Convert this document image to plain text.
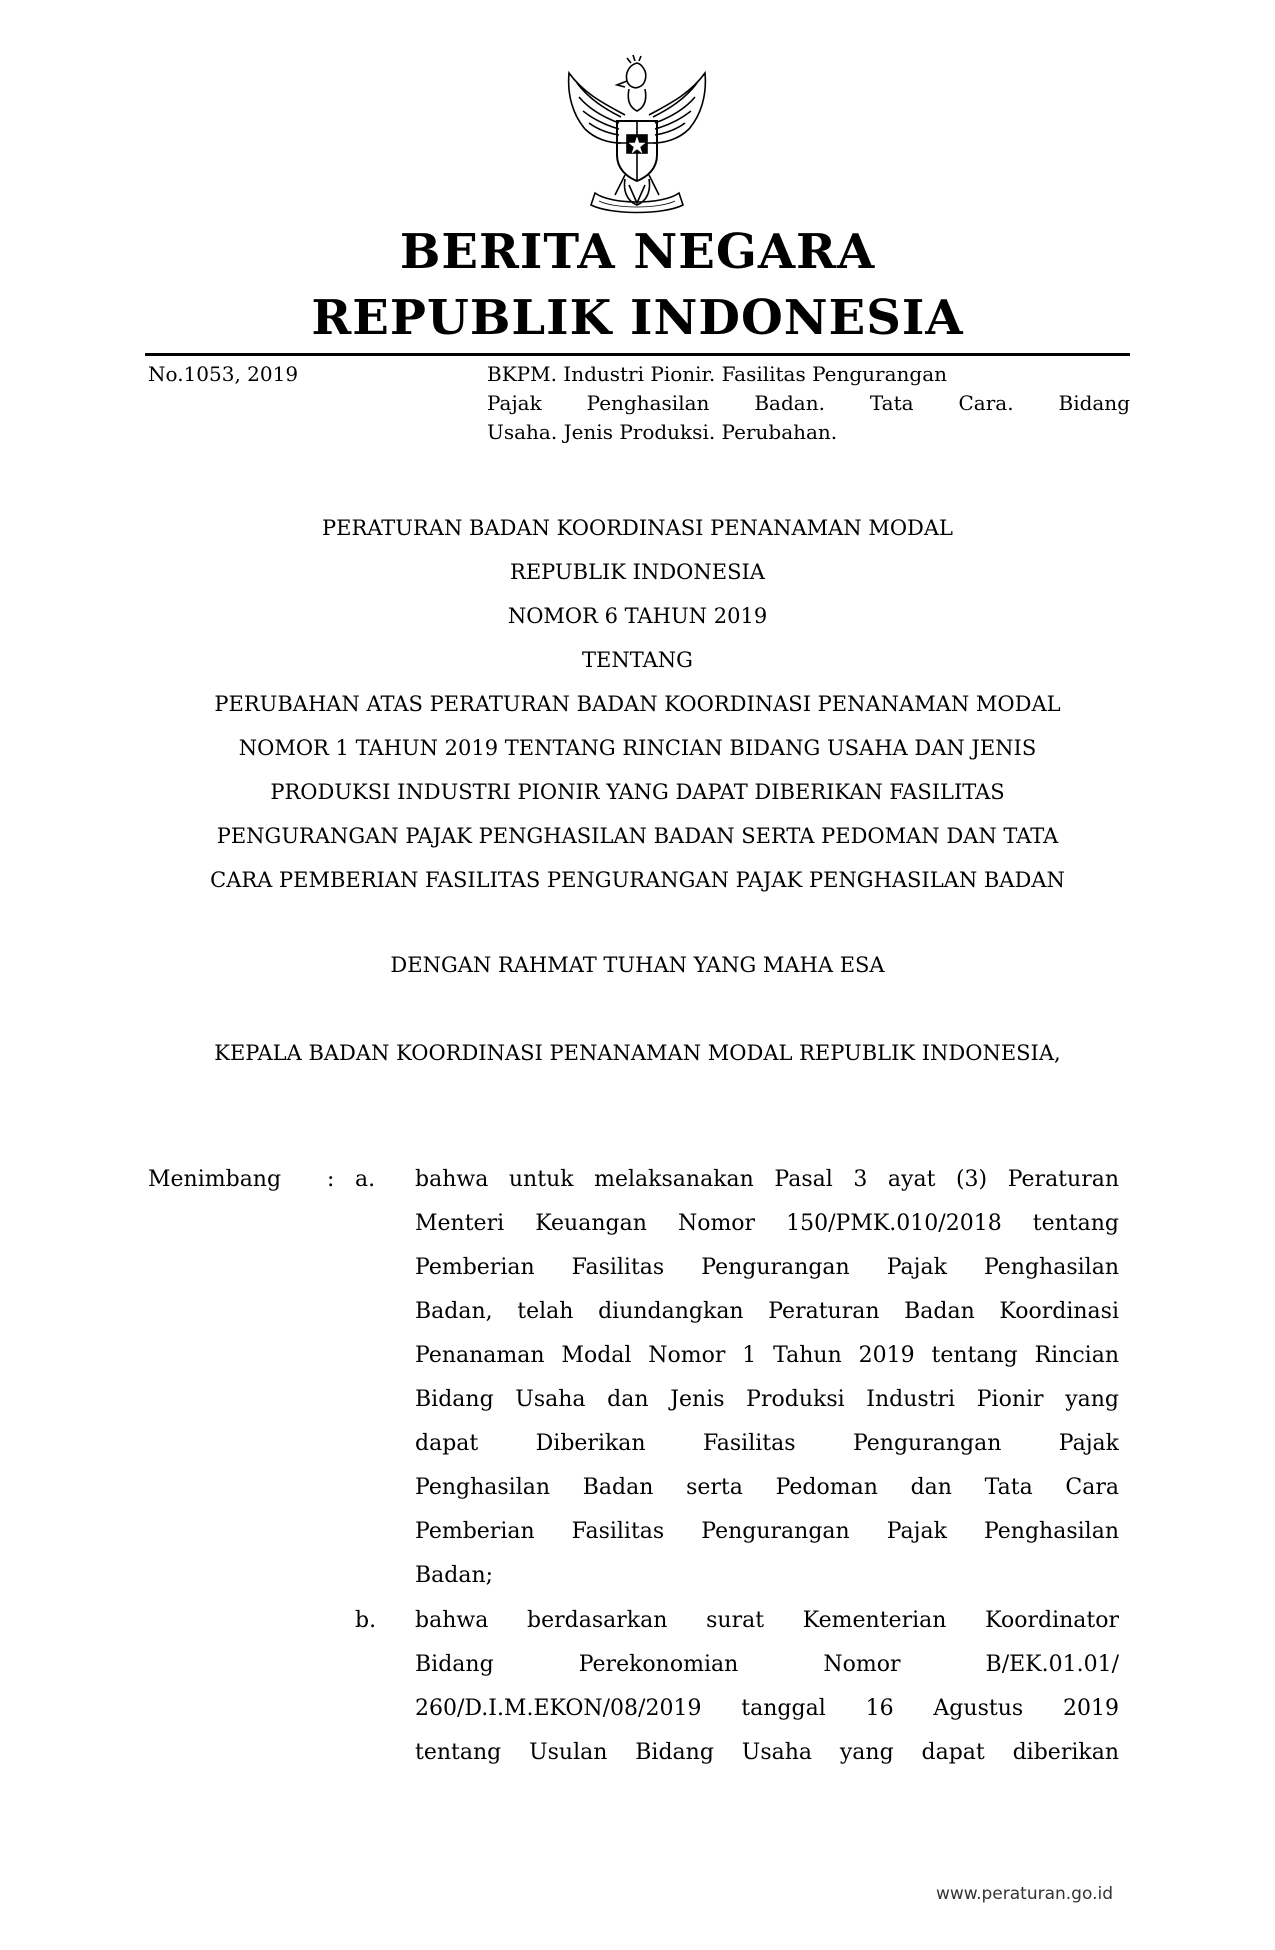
BERITA NEGARA
REPUBLIK INDONESIA
No.1053, 2019	BKPM. Industri Pionir. Fasilitas Pengurangan
Pajak Penghasilan Badan. Tata Cara. Bidang
Usaha. Jenis Produksi. Perubahan.
PERATURAN BADAN KOORDINASI PENANAMAN MODAL
REPUBLIK INDONESIA
NOMOR 6 TAHUN 2019
TENTANG
PERUBAHAN ATAS PERATURAN BADAN KOORDINASI PENANAMAN MODAL
NOMOR 1 TAHUN 2019 TENTANG RINCIAN BIDANG USAHA DAN JENIS
PRODUKSI INDUSTRI PIONIR YANG DAPAT DIBERIKAN FASILITAS
PENGURANGAN PAJAK PENGHASILAN BADAN SERTA PEDOMAN DAN TATA
CARA PEMBERIAN FASILITAS PENGURANGAN PAJAK PENGHASILAN BADAN
DENGAN RAHMAT TUHAN YANG MAHA ESA
KEPALA BADAN KOORDINASI PENANAMAN MODAL REPUBLIK INDONESIA,
Menimbang : a.
b.
bahwa untuk melaksanakan Pasal 3 ayat (3) Peraturan
Menteri Keuangan Nomor 150/PMK.010/2018 tentang
Pemberian Fasilitas Pengurangan Pajak Penghasilan
Badan, telah diundangkan Peraturan Badan Koordinasi
Penanaman Modal Nomor 1 Tahun 2019 tentang Rincian
Bidang Usaha dan Jenis Produksi Industri Pionir yang
dapat Diberikan Fasilitas Pengurangan Pajak
Penghasilan Badan serta Pedoman dan Tata Cara
Pemberian Fasilitas Pengurangan Pajak Penghasilan
Badan;
bahwa berdasarkan surat Kementerian Koordinator
Bidang Perekonomian Nomor B/EK.01.01/
260/D.I.M.EKON/08/2019 tanggal 16 Agustus 2019
tentang Usulan Bidang Usaha yang dapat diberikan
www.peraturan.go.id
